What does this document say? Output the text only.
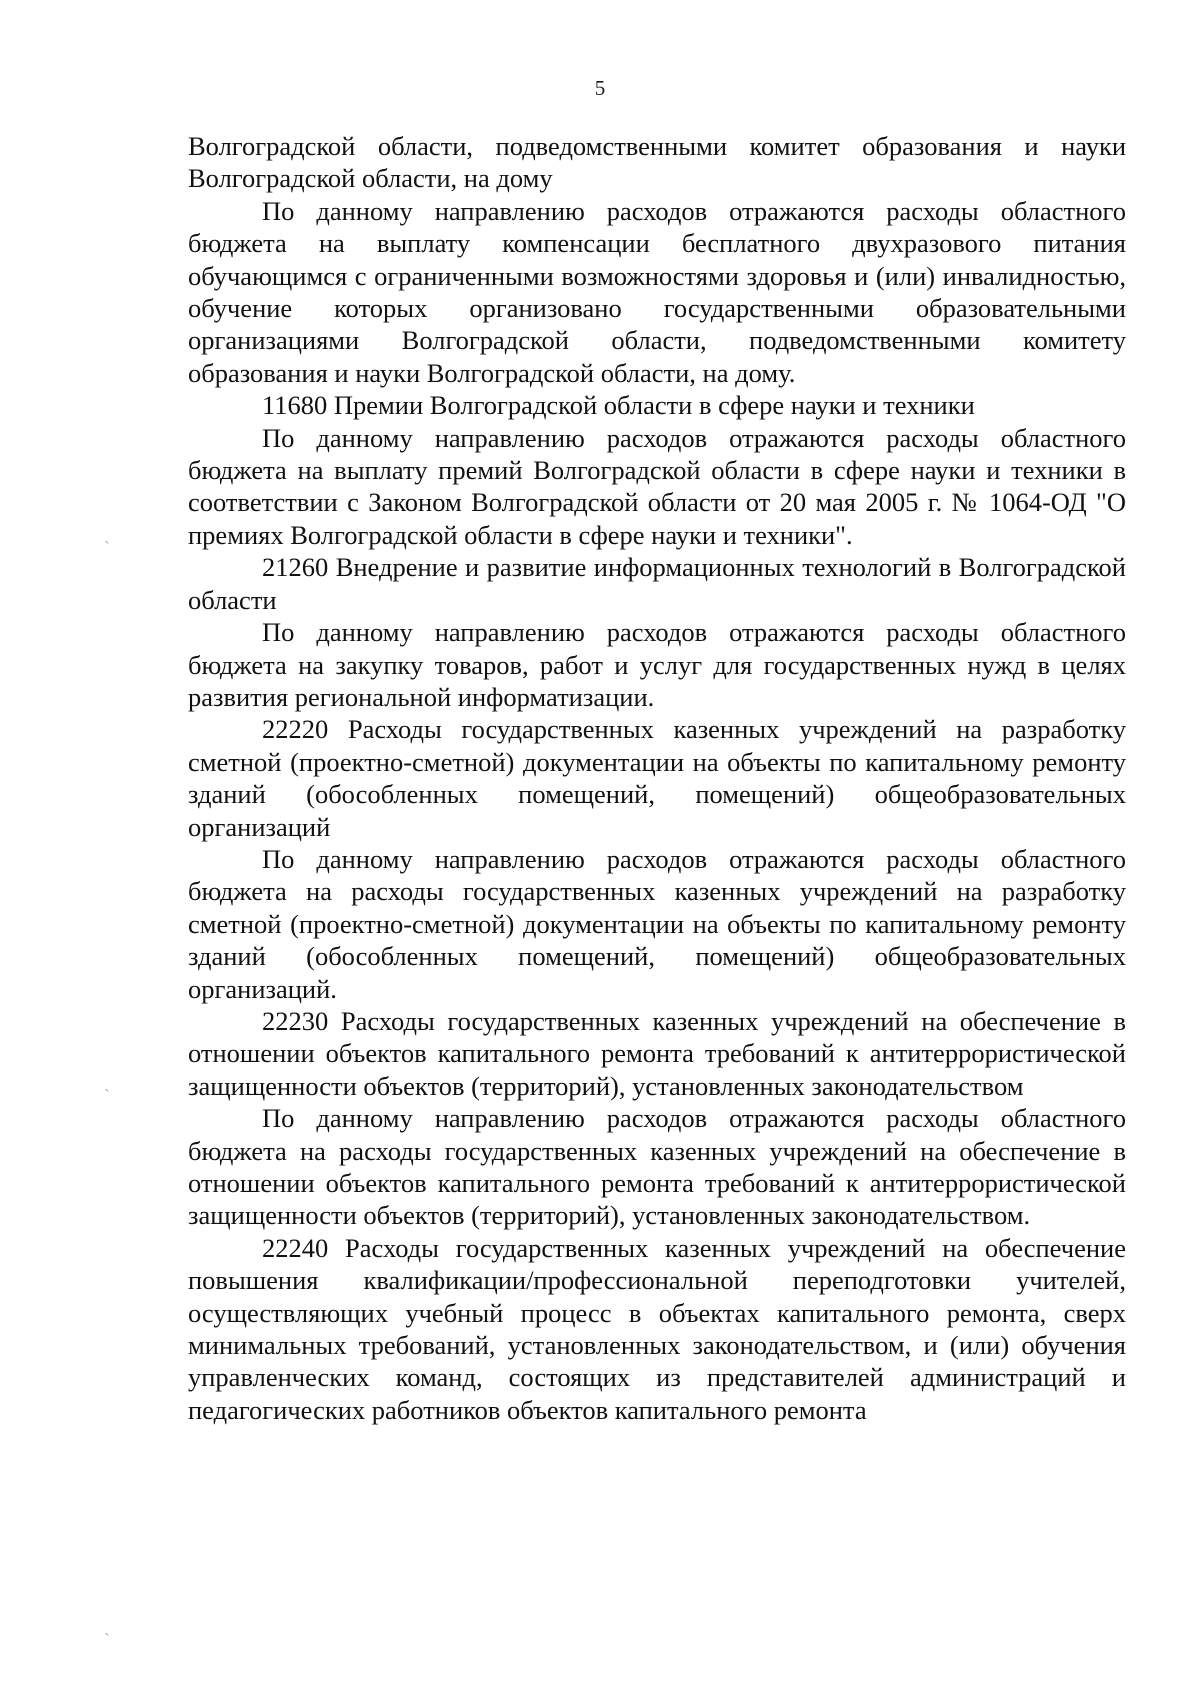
5

Волгоградской области, подведомственными комитет образования и науки Волгоградской области, на дому

По данному направлению расходов отражаются расходы областного бюджета на выплату компенсации бесплатного двухразового питания обучающимся с ограниченными возможностями здоровья и (или) инвалидностью, обучение которых организовано государственными образовательными организациями Волгоградской области, подведомственными комитету образования и науки Волгоградской области, на дому.

11680 Премии Волгоградской области в сфере науки и техники

По данному направлению расходов отражаются расходы областного бюджета на выплату премий Волгоградской области в сфере науки и техники в соответствии с Законом Волгоградской области от 20 мая 2005 г. № 1064-ОД "О премиях Волгоградской области в сфере науки и техники".

21260 Внедрение и развитие информационных технологий в Волгоградской области

По данному направлению расходов отражаются расходы областного бюджета на закупку товаров, работ и услуг для государственных нужд в целях развития региональной информатизации.

22220 Расходы государственных казенных учреждений на разработку сметной (проектно-сметной) документации на объекты по капитальному ремонту зданий (обособленных помещений, помещений) общеобразовательных организаций

По данному направлению расходов отражаются расходы областного бюджета на расходы государственных казенных учреждений на разработку сметной (проектно-сметной) документации на объекты по капитальному ремонту зданий (обособленных помещений, помещений) общеобразовательных организаций.

22230 Расходы государственных казенных учреждений на обеспечение в отношении объектов капитального ремонта требований к антитеррористической защищенности объектов (территорий), установленных законодательством

По данному направлению расходов отражаются расходы областного бюджета на расходы государственных казенных учреждений на обеспечение в отношении объектов капитального ремонта требований к антитеррористической защищенности объектов (территорий), установленных законодательством.

22240 Расходы государственных казенных учреждений на обеспечение повышения квалификации/профессиональной переподготовки учителей, осуществляющих учебный процесс в объектах капитального ремонта, сверх минимальных требований, установленных законодательством, и (или) обучения управленческих команд, состоящих из представителей администраций и педагогических работников объектов капитального ремонта

ˎ
ˎ
ˎ
